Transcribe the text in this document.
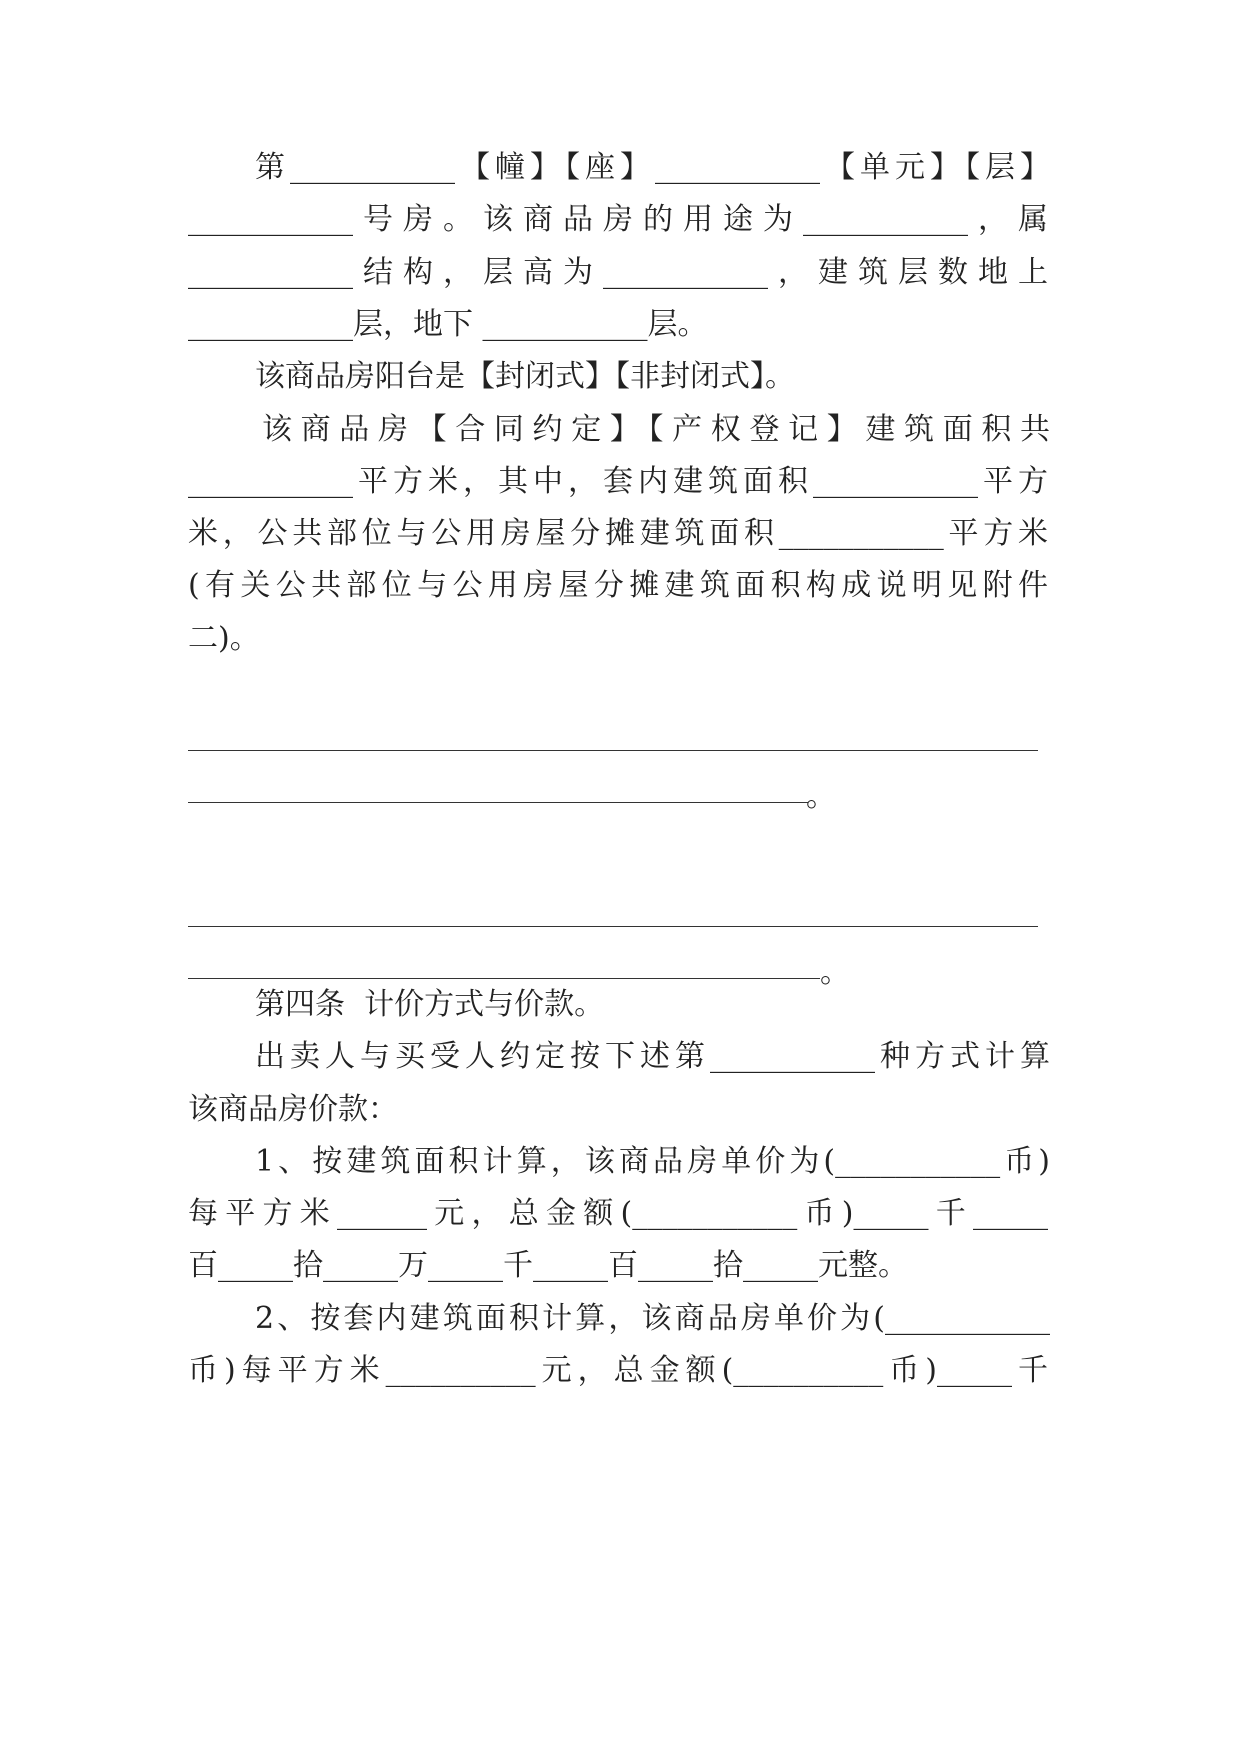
第___________【幢】【座】___________【单元】【层】
___________号房。该商品房的用途为___________，属
___________结构，层高为___________，建筑层数地上
___________层，地下 ___________层。
该商品房阳台是【封闭式】【非封闭式】。
该商品房【合同约定】【产权登记】建筑面积共
___________平方米，其中，套内建筑面积___________平方
米，公共部位与公用房屋分摊建筑面积___________平方米
(有关公共部位与公用房屋分摊建筑面积构成说明见附件
二)。
。
。
第四条  计价方式与价款。
出卖人与买受人约定按下述第___________种方式计算
该商品房价款：
1、按建筑面积计算，该商品房单价为(___________币)
每平方米______元，总金额(___________币)_____千_____
百_____拾_____万_____千_____百_____拾_____元整。
2、按套内建筑面积计算，该商品房单价为(___________
币)每平方米__________元，总金额(__________币)_____千
